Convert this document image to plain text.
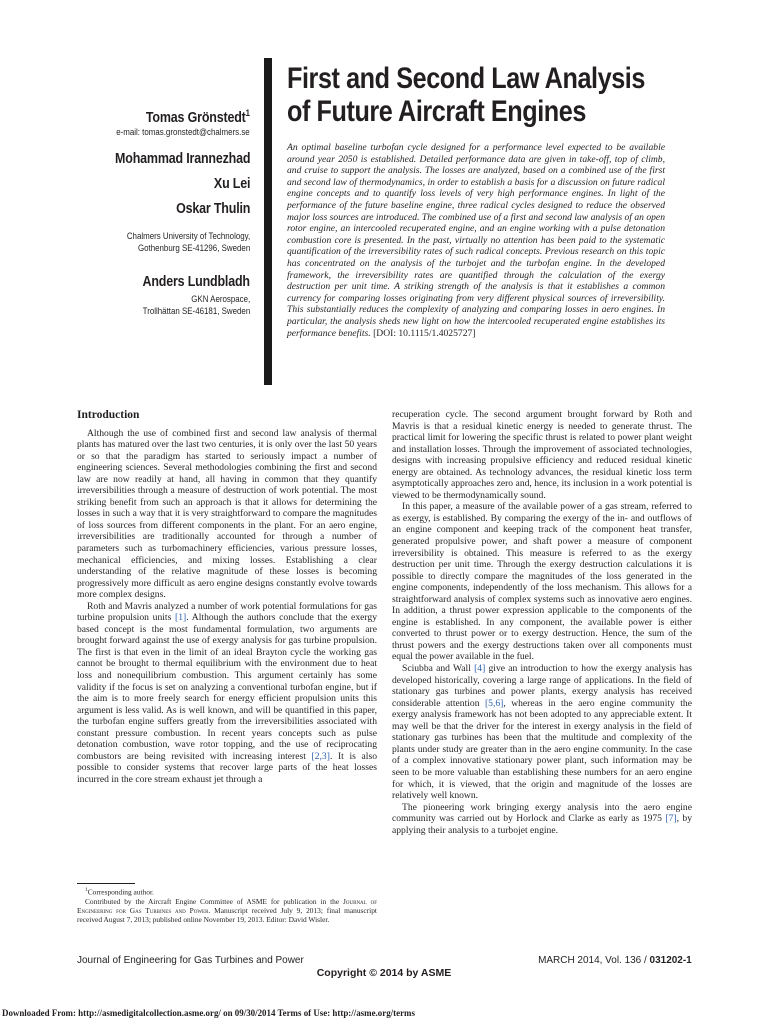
Tomas Grönstedt$^1$
e-mail: tomas.gronstedt@chalmers.se
Mohammad Irannezhad
Xu Lei
Oskar Thulin
Chalmers University of Technology,
Gothenburg SE-41296, Sweden
Anders Lundbladh
GKN Aerospace,
Trollhättan SE-46181, Sweden
First and Second Law Analysis
of Future Aircraft Engines
An optimal baseline turbofan cycle designed for a performance level expected to be available around year 2050 is established. Detailed performance data are given in take-off, top of climb, and cruise to support the analysis. The losses are analyzed, based on a combined use of the first and second law of thermodynamics, in order to establish a basis for a discussion on future radical engine concepts and to quantify loss levels of very high performance engines. In light of the performance of the future baseline engine, three radical cycles designed to reduce the observed major loss sources are introduced. The combined use of a first and second law analysis of an open rotor engine, an intercooled recuperated engine, and an engine working with a pulse detonation combustion core is presented. In the past, virtually no attention has been paid to the systematic quantification of the irreversibility rates of such radical concepts. Previous research on this topic has concentrated on the analysis of the turbojet and the turbofan engine. In the developed framework, the irreversibility rates are quantified through the calculation of the exergy destruction per unit time. A striking strength of the analysis is that it establishes a common currency for comparing losses originating from very different physical sources of irreversibility. This substantially reduces the complexity of analyzing and comparing losses in aero engines. In particular, the analysis sheds new light on how the intercooled recuperated engine establishes its performance benefits. [DOI: 10.1115/1.4025727]
Introduction

Although the use of combined first and second law analysis of thermal plants has matured over the last two centuries, it is only over the last 50 years or so that the paradigm has started to seriously impact a number of engineering sciences. Several methodologies combining the first and second law are now readily at hand, all having in common that they quantify irreversibilities through a measure of destruction of work potential. The most striking benefit from such an approach is that it allows for determining the losses in such a way that it is very straightforward to compare the magnitudes of loss sources from different components in the plant. For an aero engine, irreversibilities are traditionally accounted for through a number of parameters such as turbomachinery efficiencies, various pressure losses, mechanical efficiencies, and mixing losses. Establishing a clear understanding of the relative magnitude of these losses is becoming progressively more difficult as aero engine designs constantly evolve towards more complex designs.

Roth and Mavris analyzed a number of work potential formulations for gas turbine propulsion units [1]. Although the authors conclude that the exergy based concept is the most fundamental formulation, two arguments are brought forward against the use of exergy analysis for gas turbine propulsion. The first is that even in the limit of an ideal Brayton cycle the working gas cannot be brought to thermal equilibrium with the environment due to heat loss and nonequilibrium combustion. This argument certainly has some validity if the focus is set on analyzing a conventional turbofan engine, but if the aim is to more freely search for energy efficient propulsion units this argument is less valid. As is well known, and will be quantified in this paper, the turbofan engine suffers greatly from the irreversibilities associated with constant pressure combustion. In recent years concepts such as pulse detonation combustion, wave rotor topping, and the use of reciprocating combustors are being revisited with increasing interest [2,3]. It is also possible to consider systems that recover large parts of the heat losses incurred in the core stream exhaust jet through a

recuperation cycle. The second argument brought forward by Roth and Mavris is that a residual kinetic energy is needed to generate thrust. The practical limit for lowering the specific thrust is related to power plant weight and installation losses. Through the improvement of associated technologies, designs with increasing propulsive efficiency and reduced residual kinetic energy are obtained. As technology advances, the residual kinetic loss term asymptotically approaches zero and, hence, its inclusion in a work potential is viewed to be thermodynamically sound.

In this paper, a measure of the available power of a gas stream, referred to as exergy, is established. By comparing the exergy of the in- and outflows of an engine component and keeping track of the component heat transfer, generated propulsive power, and shaft power a measure of component irreversibility is obtained. This measure is referred to as the exergy destruction per unit time. Through the exergy destruction calculations it is possible to directly compare the magnitudes of the loss generated in the engine components, independently of the loss mechanism. This allows for a straightforward analysis of complex systems such as innovative aero engines. In addition, a thrust power expression applicable to the components of the engine is established. In any component, the available power is either converted to thrust power or to exergy destruction. Hence, the sum of the thrust powers and the exergy destructions taken over all components must equal the power available in the fuel.

Sciubba and Wall [4] give an introduction to how the exergy analysis has developed historically, covering a large range of applications. In the field of stationary gas turbines and power plants, exergy analysis has received considerable attention [5,6], whereas in the aero engine community the exergy analysis framework has not been adopted to any appreciable extent. It may well be that the driver for the interest in exergy analysis in the field of stationary gas turbines has been that the multitude and complexity of the plants under study are greater than in the aero engine community. In the case of a complex innovative stationary power plant, such information may be seen to be more valuable than establishing these numbers for an aero engine for which, it is viewed, that the origin and magnitude of the losses are relatively well known.

The pioneering work bringing exergy analysis into the aero engine community was carried out by Horlock and Clarke as early as 1975 [7], by applying their analysis to a turbojet engine.

$^1$Corresponding author.

Contributed by the Aircraft Engine Committee of ASME for publication in the Journal of Engineering for Gas Turbines and Power. Manuscript received July 9, 2013; final manuscript received August 7, 2013; published online November 19, 2013. Editor: David Wisler.

Journal of Engineering for Gas Turbines and Power	MARCH 2014, Vol. 136 / 031202-1
Copyright © 2014 by ASME
Downloaded From: http://asmedigitalcollection.asme.org/ on 09/30/2014 Terms of Use: http://asme.org/terms
